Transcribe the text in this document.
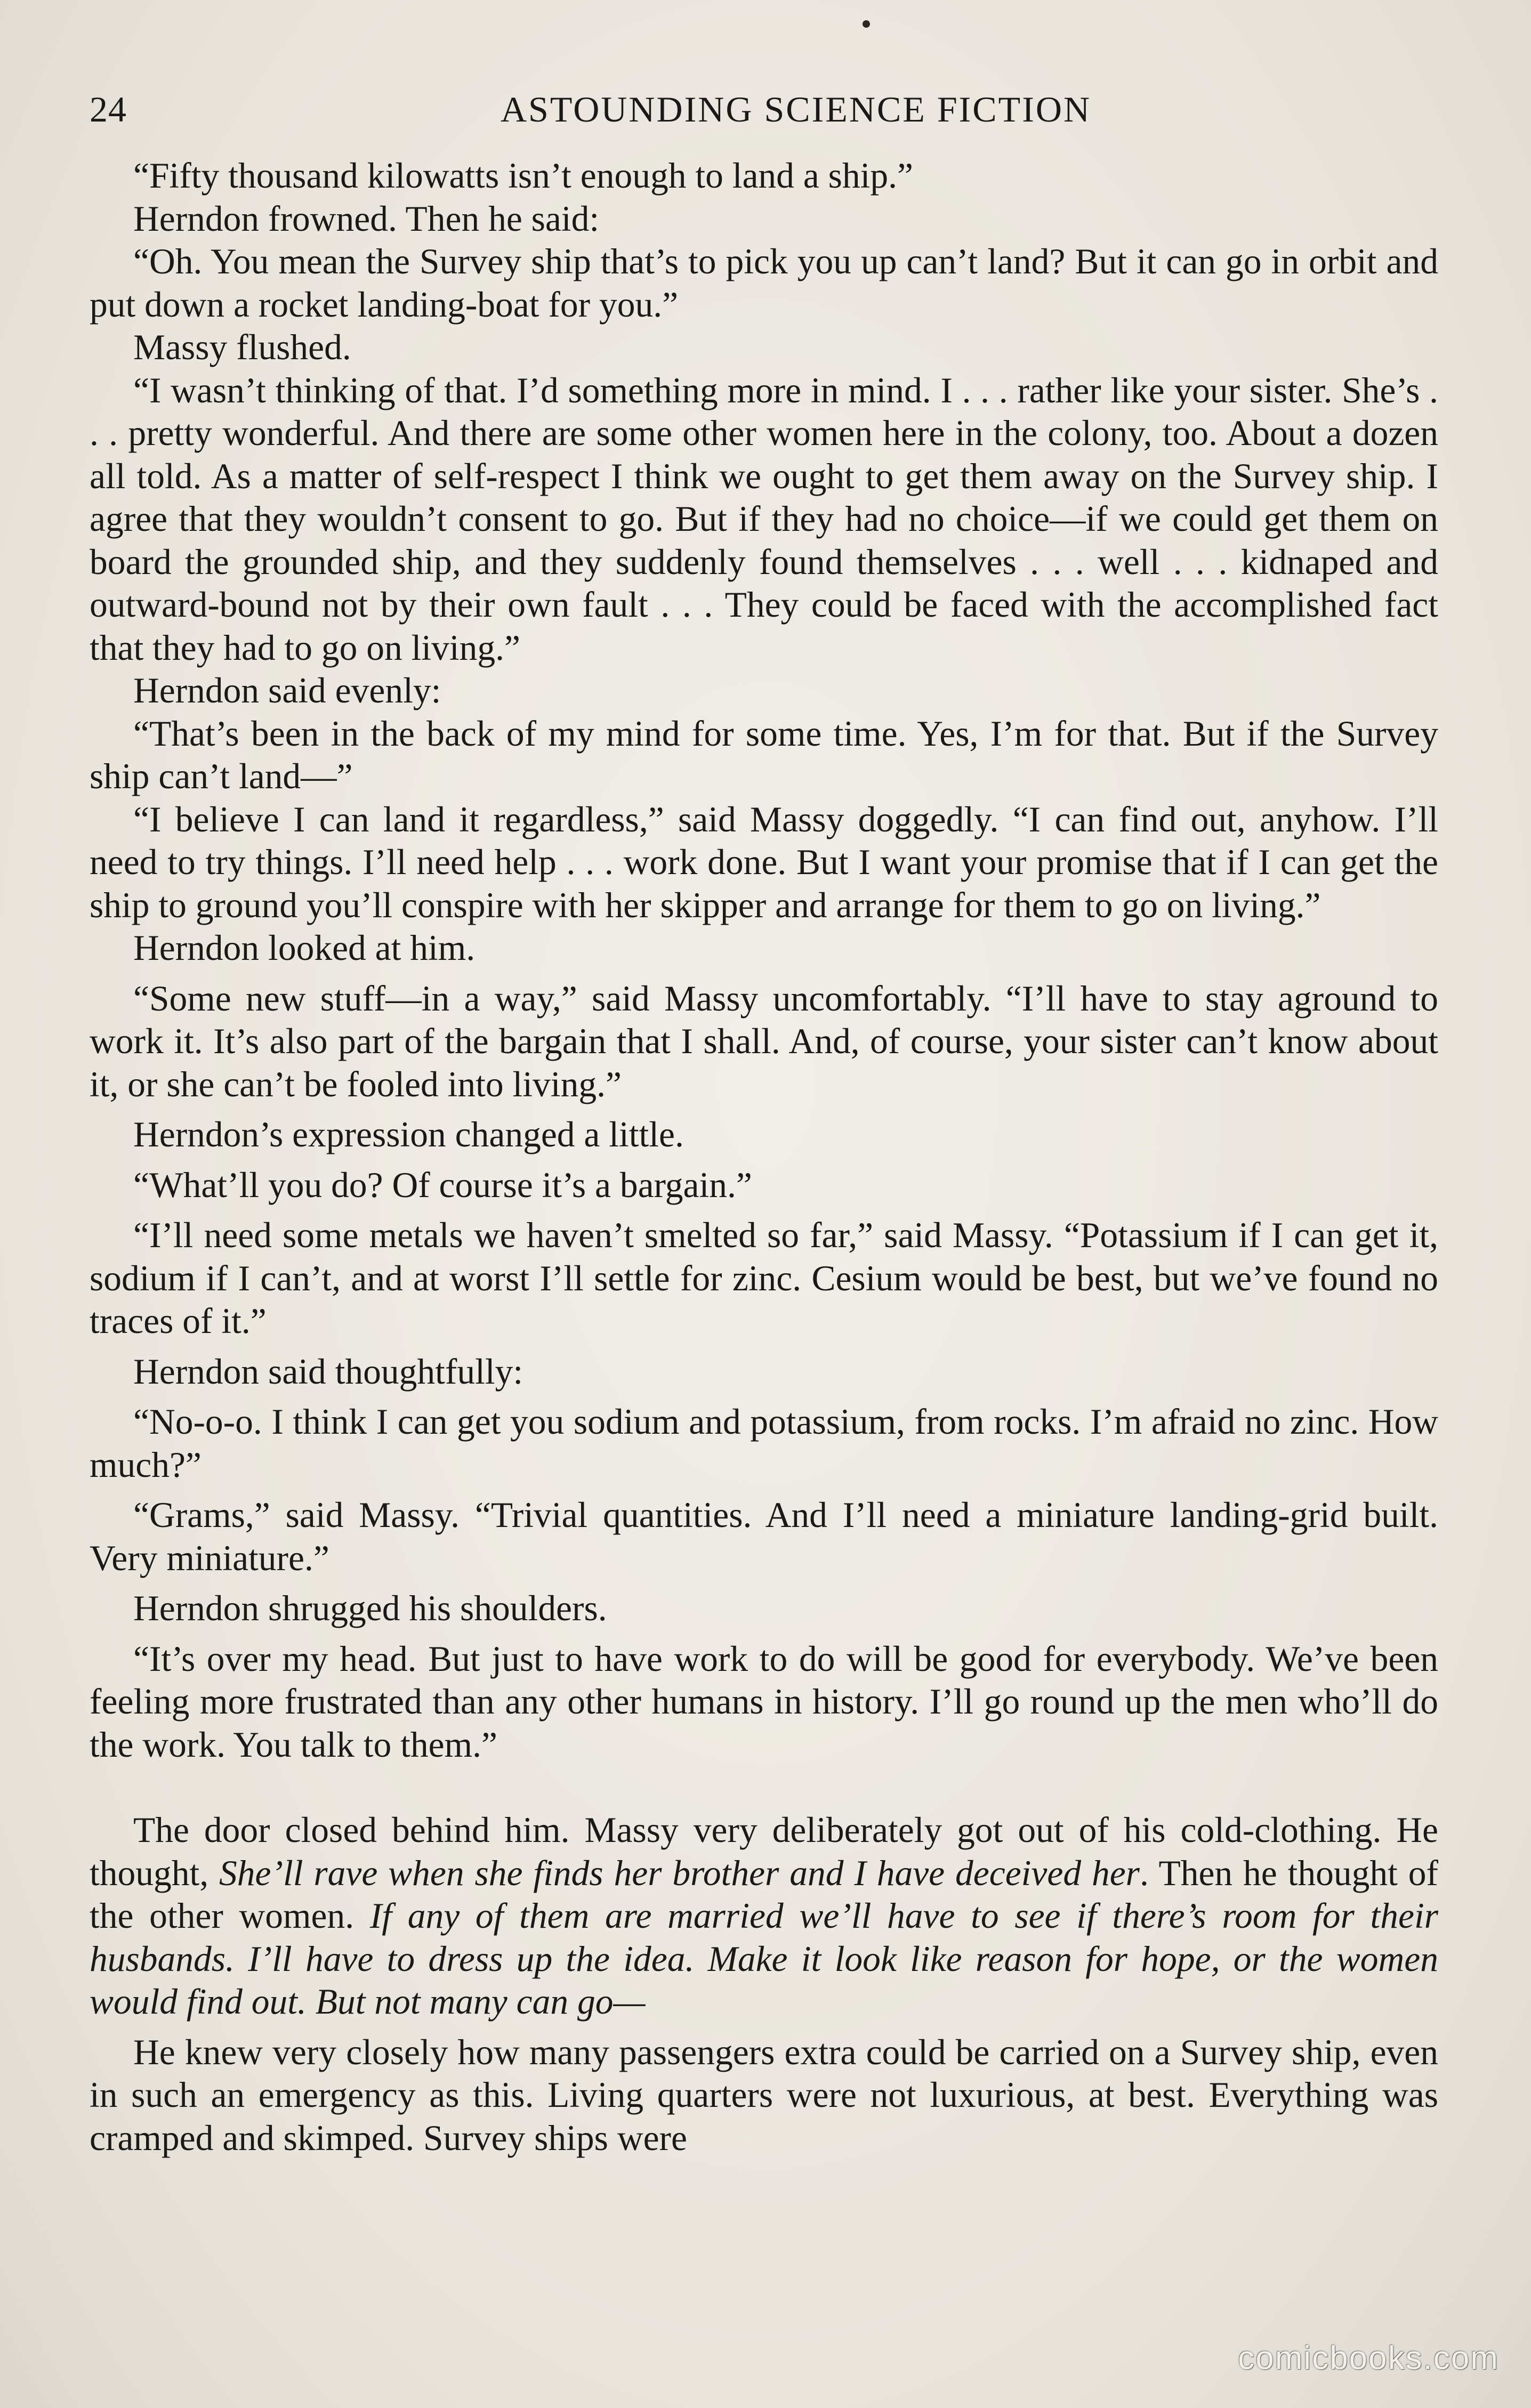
24	ASTOUNDING SCIENCE FICTION

“Fifty thousand kilowatts isn’t enough to land a ship.”

Herndon frowned. Then he said:

“Oh. You mean the Survey ship that’s to pick you up can’t land? But it can go in orbit and put down a rocket landing-boat for you.”

Massy flushed.

“I wasn’t thinking of that. I’d something more in mind. I . . . rather like your sister. She’s . . . pretty wonderful. And there are some other women here in the colony, too. About a dozen all told. As a matter of self-respect I think we ought to get them away on the Survey ship. I agree that they wouldn’t consent to go. But if they had no choice—if we could get them on board the grounded ship, and they suddenly found themselves . . . well . . . kidnaped and outward-bound not by their own fault . . . They could be faced with the accomplished fact that they had to go on living.”

Herndon said evenly:

“That’s been in the back of my mind for some time. Yes, I’m for that. But if the Survey ship can’t land—”

“I believe I can land it regardless,” said Massy doggedly. “I can find out, anyhow. I’ll need to try things. I’ll need help . . . work done. But I want your promise that if I can get the ship to ground you’ll conspire with her skipper and arrange for them to go on living.”

Herndon looked at him.

“Some new stuff—in a way,” said Massy uncomfortably. “I’ll have to stay aground to work it. It’s also part of the bargain that I shall. And, of course, your sister can’t know about it, or she can’t be fooled into living.”

Herndon’s expression changed a little.

“What’ll you do? Of course it’s a bargain.”

“I’ll need some metals we haven’t smelted so far,” said Massy. “Potassium if I can get it, sodium if I can’t, and at worst I’ll settle for zinc. Cesium would be best, but we’ve found no traces of it.”

Herndon said thoughtfully:

“No-o-o. I think I can get you sodium and potassium, from rocks. I’m afraid no zinc. How much?”

“Grams,” said Massy. “Trivial quantities. And I’ll need a miniature landing-grid built. Very miniature.”

Herndon shrugged his shoulders.

“It’s over my head. But just to have work to do will be good for everybody. We’ve been feeling more frustrated than any other humans in history. I’ll go round up the men who’ll do the work. You talk to them.”

The door closed behind him. Massy very deliberately got out of his cold-clothing. He thought, She’ll rave when she finds her brother and I have deceived her. Then he thought of the other women. If any of them are married we’ll have to see if there’s room for their husbands. I’ll have to dress up the idea. Make it look like reason for hope, or the women would find out. But not many can go—

He knew very closely how many passengers extra could be carried on a Survey ship, even in such an emergency as this. Living quarters were not luxurious, at best. Everything was cramped and skimped. Survey ships were

comicbooks.com
